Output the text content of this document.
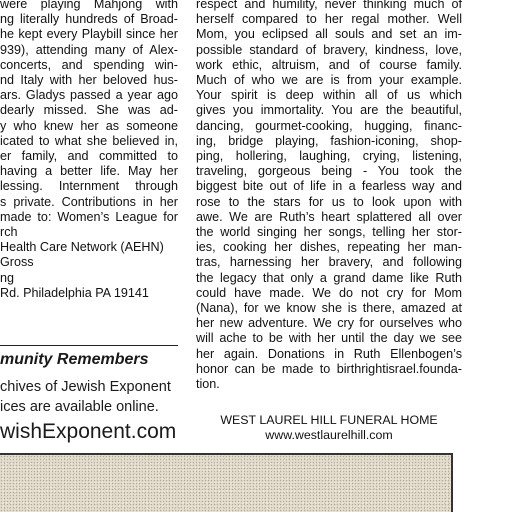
were playing Mahjong with
ng literally hundreds of Broad-
he kept every Playbill since her
939), attending many of Alex-
concerts, and spending win-
nd Italy with her beloved hus-
ars. Gladys passed a year ago
dearly missed. She was ad-
y who knew her as someone
icated to what she believed in,
er family, and committed to
having a better life. May her
lessing. Internment through
s private. Contributions in her
made to: Women’s League for
rch
Health Care Network (AEHN)
Gross
ng
Rd. Philadelphia PA 19141
munity Remembers
chives of Jewish Exponent
ices are available online.
wishExponent.com
respect and humility, never thinking much of
herself compared to her regal mother. Well
Mom, you eclipsed all souls and set an im-
possible standard of bravery, kindness, love,
work ethic, altruism, and of course family.
Much of who we are is from your example.
Your spirit is deep within all of us which
gives you immortality. You are the beautiful,
dancing, gourmet-cooking, hugging, financ-
ing, bridge playing, fashion-iconing, shop-
ping, hollering, laughing, crying, listening,
traveling, gorgeous being - You took the
biggest bite out of life in a fearless way and
rose to the stars for us to look upon with
awe. We are Ruth’s heart splattered all over
the world singing her songs, telling her stor-
ies, cooking her dishes, repeating her man-
tras, harnessing her bravery, and following
the legacy that only a grand dame like Ruth
could have made. We do not cry for Mom
(Nana), for we know she is there, amazed at
her new adventure. We cry for ourselves who
will ache to be with her until the day we see
her again. Donations in Ruth Ellenbogen’s
honor can be made to birthrightisrael.founda-
tion.
WEST LAUREL HILL FUNERAL HOME
www.westlaurelhill.com
